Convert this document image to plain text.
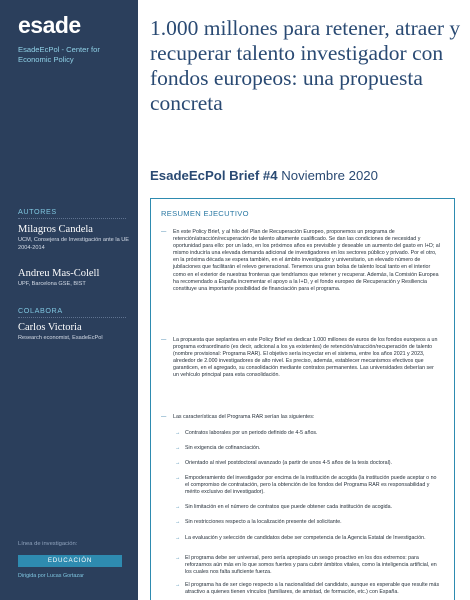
esade
EsadeEcPol - Center for Economic Policy
AUTORES
Milagros Candela
UCM, Consejera de Investigación ante la UE 2004-2014
Andreu Mas-Colell
UPF, Barcelona GSE, BIST
COLABORA
Carlos Victoria
Research economist, EsadeEcPol
Línea de investigación:
EDUCACIÓN
Dirigida por Lucas Gortazar
1.000 millones para retener, atraer y recuperar talento investigador con fondos europeos: una propuesta concreta
EsadeEcPol Brief #4 Noviembre 2020
RESUMEN EJECUTIVO
— En este Policy Brief, y al hilo del Plan de Recuperación Europeo, proponemos un programa de retención/atracción/recuperación de talento altamente cualificado. Se dan las condiciones de necesidad y oportunidad para ello: por un lado, en los próximos años es previsible y deseable un aumento del gasto en I+D; al mismo induciría una elevada demanda adicional de investigadores en los sectores público y privado. Por el otro, en la próxima década se espera también, en el ámbito investigador y universitario, un elevado número de jubilaciones que facilitarán el relevo generacional. Tenemos una gran bolsa de talento local tanto en el interior como en el exterior de nuestras fronteras que tendríamos que retener y recuperar. Además, la Comisión Europea ha recomendado a España incrementar el apoyo a la I+D, y el fondo europeo de Recuperación y Resiliencia constituye una importante posibilidad de financiación para el programa.
— La propuesta que seplantea en este Policy Brief es dedicar 1.000 millones de euros de los fondos europeos a un programa extraordinario (es decir, adicional a los ya existentes) de retención/atracción/recuperación de talento (nombre provisional: Programa RAR). El objetivo sería incyectar en el sistema, entre los años 2021 y 2023, alrededor de 2.000 investigadores de alto nivel. Es preciso, además, establecer mecanismos efectivos que garanticen, en el agregado, su consolidación mediante contratos permanentes. Las universidades deberían ser un vehículo principal para esta consolidación.
— Las características del Programa RAR serían las siguientes:
→ Contratos laborales por un periodo definido de 4-5 años.
→ Sin exigencia de cofinanciación.
→ Orientado al nivel postdoctoral avanzado (a partir de unos 4-5 años de la tesis doctoral).
→ Empoderamiento del investigador por encima de la institución de acogida (la institución puede aceptar o no el compromiso de contratación, pero la obtención de los fondos del Programa RAR es responsabilidad y mérito exclusivo del investigador).
→ Sin limitación en el número de contratos que puede obtener cada institución de acogida.
→ Sin restricciones respecto a la localización presente del solicitante.
→ La evaluación y selección de candidatos debe ser competencia de la Agencia Estatal de Investigación.
→ El programa debe ser universal, pero sería apropiado un sesgo proactivo en los dos extremos: para reforzarnos aún más en lo que somos fuertes y para cubrir ámbitos vitales, como la inteligencia artificial, en los cuales nos falta suficiente fuerza.
→ El programa ha de ser ciego respecto a la nacionalidad del candidato, aunque es esperable que resulte más atractivo a quienes tienen vínculos (familiares, de amistad, de formación, etc.) con España.
